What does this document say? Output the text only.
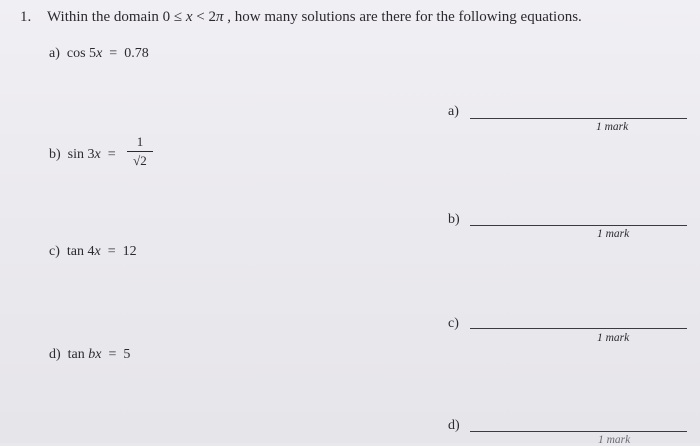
1. Within the domain 0 ≤ x < 2π , how many solutions are there for the following equations.
a) cos 5x = 0.78
b) sin 3x =
1
√2
c) tan 4x = 12
d) tan bx = 5
a)
1 mark
b)
1 mark
c)
1 mark
d)
1 mark
